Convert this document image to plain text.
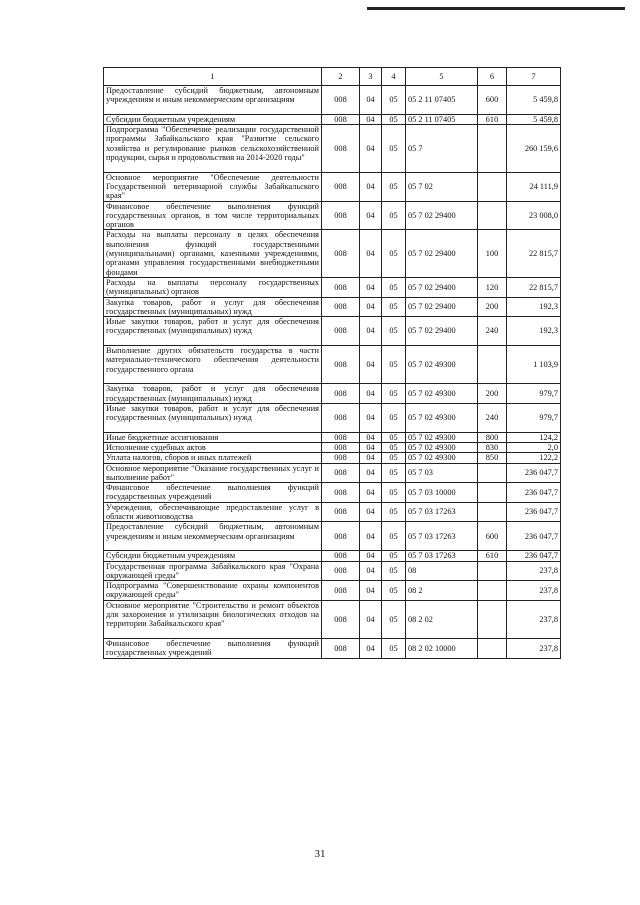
1	2	3	4	5	6	7
Предоставление субсидий бюджетным, автономным учреждениям и иным некоммерческим организациям	008	04	05	05 2 11 07405	600	5 459,8
Субсидии бюджетным учреждениям	008	04	05	05 2 11 07405	610	5 459,8
Подпрограмма "Обеспечение реализации государственной программы Забайкальского края "Развитие сельского хозяйства и регулирование рынков сельскохозяйственной продукции, сырья и продовольствия на 2014-2020 годы"	008	04	05	05 7		260 159,6
Основное мероприятие "Обеспечение деятельности Государственной ветеринарной службы Забайкальского края"	008	04	05	05 7 02		24 111,9
Финансовое обеспечение выполнения функций государственных органов, в том числе территориальных органов	008	04	05	05 7 02 29400		23 008,0
Расходы на выплаты персоналу в целях обеспечения выполнения функций государственными (муниципальными) органами, казенными учреждениями, органами управления государственными внебюджетными фондами	008	04	05	05 7 02 29400	100	22 815,7
Расходы на выплаты персоналу государственных (муниципальных) органов	008	04	05	05 7 02 29400	120	22 815,7
Закупка товаров, работ и услуг для обеспечения государственных (муниципальных) нужд	008	04	05	05 7 02 29400	200	192,3
Иные закупки товаров, работ и услуг для обеспечения государственных (муниципальных) нужд	008	04	05	05 7 02 29400	240	192,3
Выполнение других обязательств государства в части материально-технического обеспечения деятельности государственного органа	008	04	05	05 7 02 49300		1 103,9
Закупка товаров, работ и услуг для обеспечения государственных (муниципальных) нужд	008	04	05	05 7 02 49300	200	979,7
Иные закупки товаров, работ и услуг для обеспечения государственных (муниципальных) нужд	008	04	05	05 7 02 49300	240	979,7
Иные бюджетные ассигнования	008	04	05	05 7 02 49300	800	124,2
Исполнение судебных актов	008	04	05	05 7 02 49300	830	2,0
Уплата налогов, сборов и иных платежей	008	04	05	05 7 02 49300	850	122,2
Основное мероприятие "Оказание государственных услуг и выполнение работ"	008	04	05	05 7 03		236 047,7
Финансовое обеспечение выполнения функций государственных учреждений	008	04	05	05 7 03 10000		236 047,7
Учреждения, обеспечивающие предоставление услуг в области животноводства	008	04	05	05 7 03 17263		236 047,7
Предоставление субсидий бюджетным, автономным учреждениям и иным некоммерческим организациям	008	04	05	05 7 03 17263	600	236 047,7
Субсидии бюджетным учреждениям	008	04	05	05 7 03 17263	610	236 047,7
Государственная программа Забайкальского края "Охрана окружающей среды"	008	04	05	08		237,8
Подпрограмма "Совершенствование охраны компонентов окружающей среды"	008	04	05	08 2		237,8
Основное мероприятие "Строительство и ремонт объектов для захоронения и утилизации биологических отходов на территории Забайкальского края"	008	04	05	08 2 02		237,8
Финансовое обеспечение выполнения функций государственных учреждений	008	04	05	08 2 02 10000		237,8
31
